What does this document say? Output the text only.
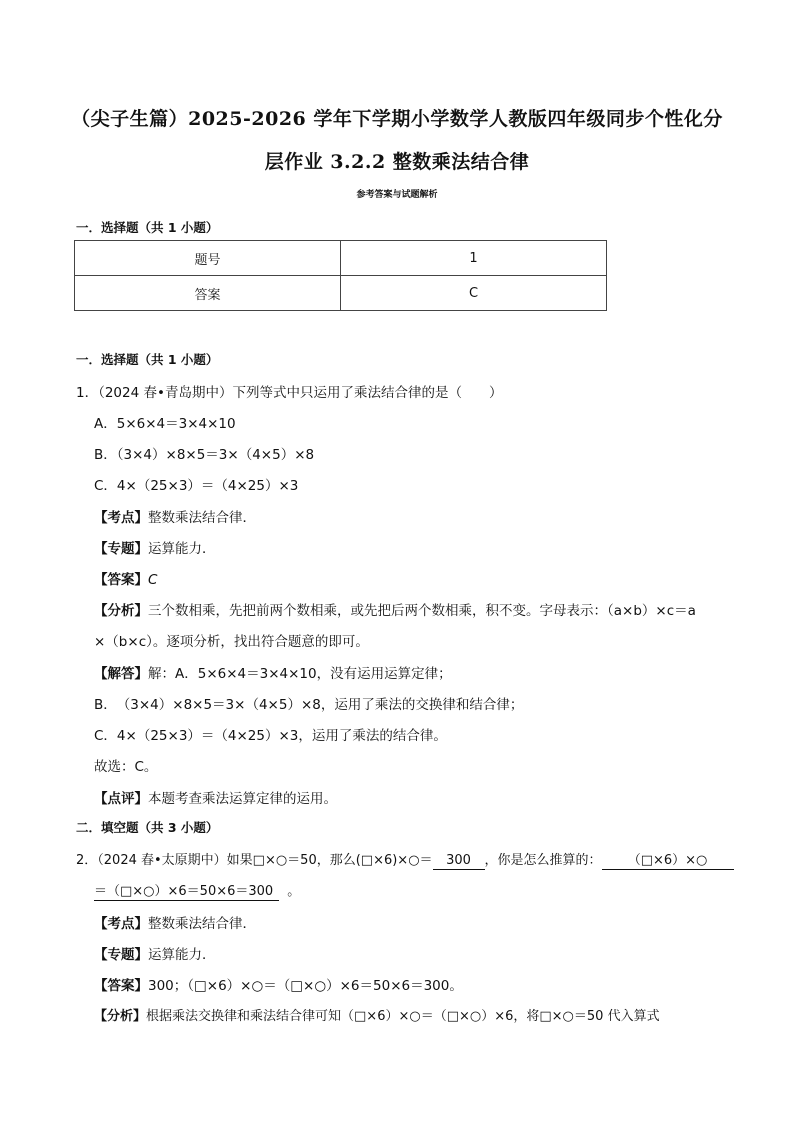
（尖子生篇）2025-2026 学年下学期小学数学人教版四年级同步个性化分
层作业 3.2.2 整数乘法结合律
参考答案与试题解析
一．选择题（共 1 小题）
题号	1
答案	C
一．选择题（共 1 小题）
1．（2024 春•青岛期中）下列等式中只运用了乘法结合律的是（　　）
A．5×6×4＝3×4×10
B．（3×4）×8×5＝3×（4×5）×8
C．4×（25×3）＝（4×25）×3
【考点】整数乘法结合律．
【专题】运算能力．
【答案】C
【分析】三个数相乘，先把前两个数相乘，或先把后两个数相乘，积不变。字母表示：（a×b）×c＝a
×（b×c）。逐项分析，找出符合题意的即可。
【解答】解：A．5×6×4＝3×4×10，没有运用运算定律；
B．　（3×4）×8×5＝3×（4×5）×8，运用了乘法的交换律和结合律；
C．4×（25×3）＝（4×25）×3，运用了乘法的结合律。
故选：C。
【点评】本题考查乘法运算定律的运用。
二．填空题（共 3 小题）
2．（2024 春•太原期中）如果□×○＝50，那么(□×6)×○＝ 300 ，你是怎么推算的： （□×6）×○
＝（□×○）×6＝50×6＝300 。
【考点】整数乘法结合律．
【专题】运算能力．
【答案】300；（□×6）×○＝（□×○）×6＝50×6＝300。
【分析】根据乘法交换律和乘法结合律可知（□×6）×○＝（□×○）×6，将□×○＝50 代入算式
